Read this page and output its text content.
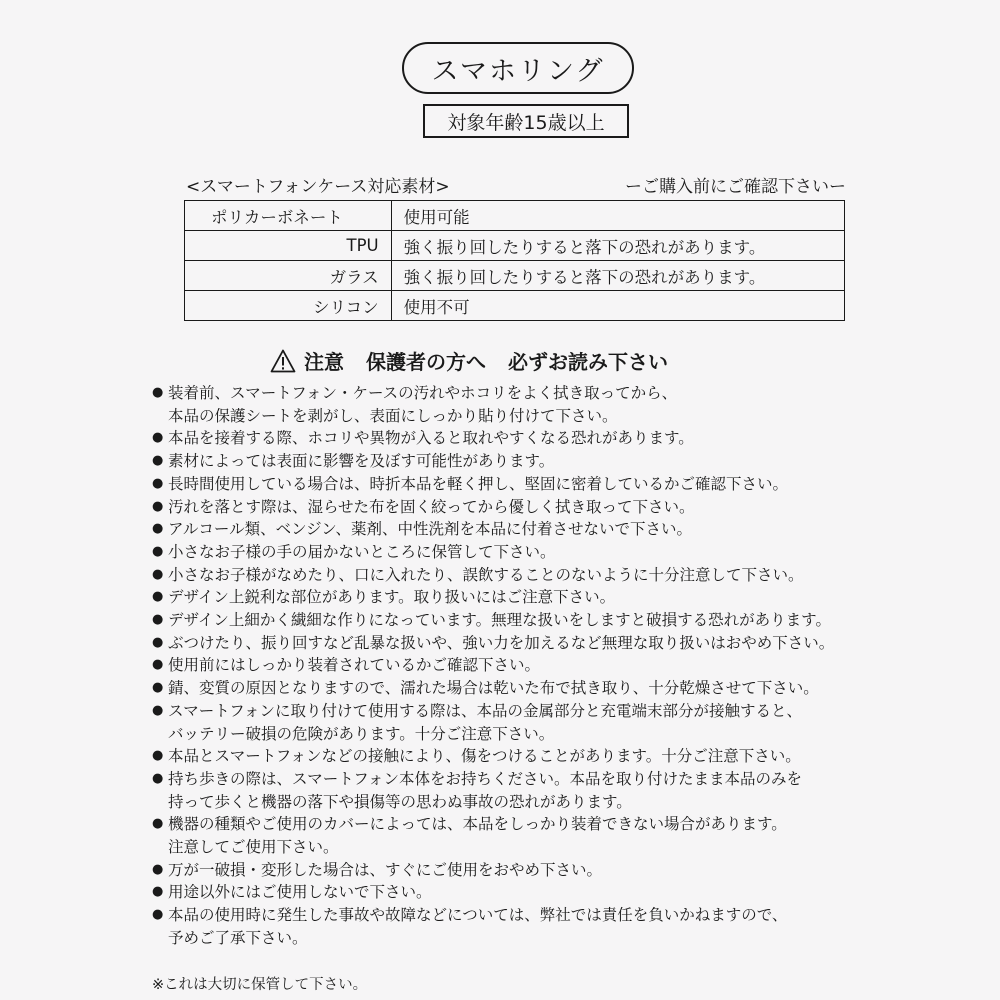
スマホリング
対象年齢15歳以上
<スマートフォンケース対応素材>	ーご購入前にご確認下さいー
ポリカーボネート	使用可能
TPU	強く振り回したりすると落下の恐れがあります。
ガラス	強く振り回したりすると落下の恐れがあります。
シリコン	使用不可
注意 保護者の方へ 必ずお読み下さい
● 装着前、スマートフォン・ケースの汚れやホコリをよく拭き取ってから、
本品の保護シートを剥がし、表面にしっかり貼り付けて下さい。
● 本品を接着する際、ホコリや異物が入ると取れやすくなる恐れがあります。
● 素材によっては表面に影響を及ぼす可能性があります。
● 長時間使用している場合は、時折本品を軽く押し、堅固に密着しているかご確認下さい。
● 汚れを落とす際は、湿らせた布を固く絞ってから優しく拭き取って下さい。
● アルコール類、ベンジン、薬剤、中性洗剤を本品に付着させないで下さい。
● 小さなお子様の手の届かないところに保管して下さい。
● 小さなお子様がなめたり、口に入れたり、誤飲することのないように十分注意して下さい。
● デザイン上鋭利な部位があります。取り扱いにはご注意下さい。
● デザイン上細かく繊細な作りになっています。無理な扱いをしますと破損する恐れがあります。
● ぶつけたり、振り回すなど乱暴な扱いや、強い力を加えるなど無理な取り扱いはおやめ下さい。
● 使用前にはしっかり装着されているかご確認下さい。
● 錆、変質の原因となりますので、濡れた場合は乾いた布で拭き取り、十分乾燥させて下さい。
● スマートフォンに取り付けて使用する際は、本品の金属部分と充電端末部分が接触すると、
バッテリー破損の危険があります。十分ご注意下さい。
● 本品とスマートフォンなどの接触により、傷をつけることがあります。十分ご注意下さい。
● 持ち歩きの際は、スマートフォン本体をお持ちください。本品を取り付けたまま本品のみを
持って歩くと機器の落下や損傷等の思わぬ事故の恐れがあります。
● 機器の種類やご使用のカバーによっては、本品をしっかり装着できない場合があります。
注意してご使用下さい。
● 万が一破損・変形した場合は、すぐにご使用をおやめ下さい。
● 用途以外にはご使用しないで下さい。
● 本品の使用時に発生した事故や故障などについては、弊社では責任を負いかねますので、
予めご了承下さい。
※これは大切に保管して下さい。
